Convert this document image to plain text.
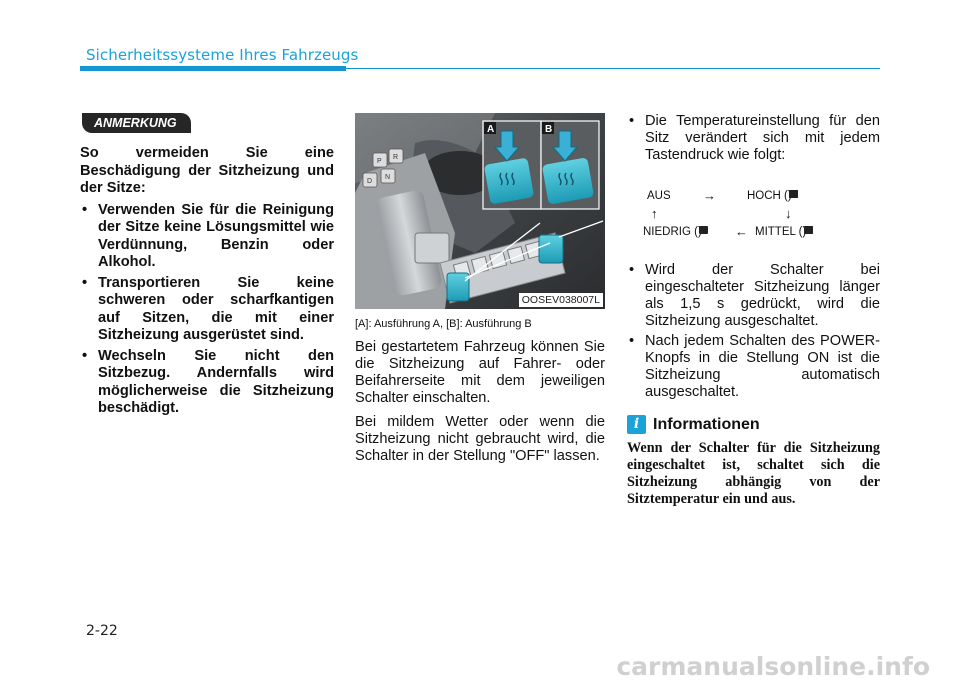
Sicherheitssysteme Ihres Fahrzeugs
ANMERKUNG
So vermeiden Sie eine Beschädigung der Sitzheizung und der Sitze:
• Verwenden Sie für die Reinigung der Sitze keine Lösungsmittel wie Verdünnung, Benzin oder Alkohol.
• Transportieren Sie keine schweren oder scharfkantigen auf Sitzen, die mit einer Sitzheizung ausgerüstet sind.
• Wechseln Sie nicht den Sitzbezug. Andernfalls wird möglicherweise die Sitzheizung beschädigt.
P
R
D
N
A	B
OOSEV038007L
[A]: Ausführung A, [B]: Ausführung B

Bei gestartetem Fahrzeug können Sie die Sitzheizung auf Fahrer- oder Beifahrerseite mit dem jeweiligen Schalter einschalten.

Bei mildem Wetter oder wenn die Sitzheizung nicht gebraucht wird, die Schalter in der Stellung "OFF" lassen.

• Die Temperatureinstellung für den Sitz verändert sich mit jedem Tastendruck wie folgt:
AUS →	HOCH (
↑	↓
NIEDRIG (	← MITTEL (
• Wird der Schalter bei eingeschalteter Sitzheizung länger als 1,5 s gedrückt, wird die Sitzheizung ausgeschaltet.
• Nach jedem Schalten des POWER-Knopfs in die Stellung ON ist die Sitzheizung automatisch ausgeschaltet.
i Informationen
Wenn der Schalter für die Sitzheizung eingeschaltet ist, schaltet sich die Sitzheizung abhängig von der Sitztemperatur ein und aus.
2-22
carmanualsonline.info
